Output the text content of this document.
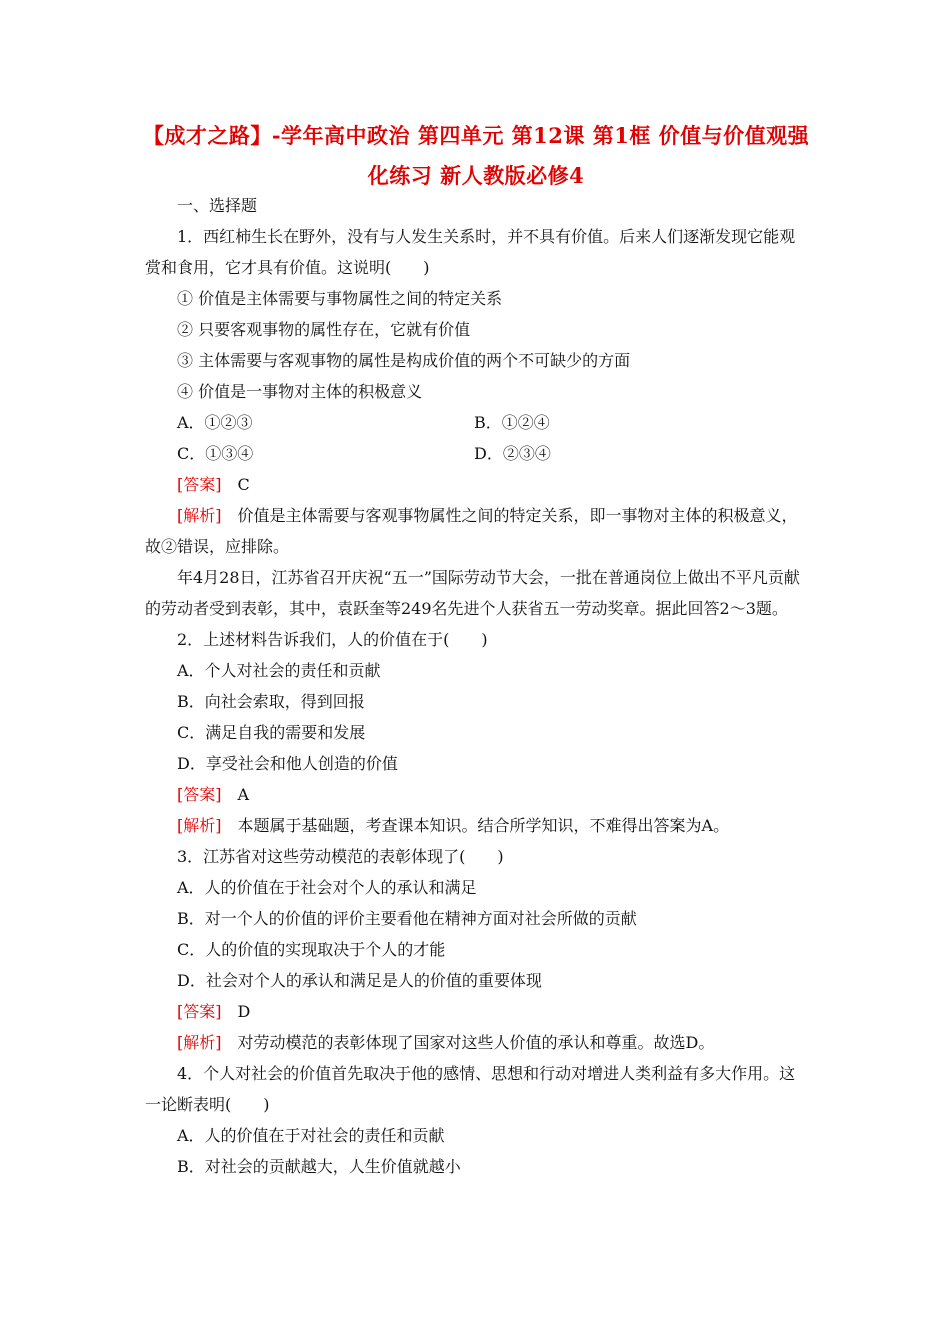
【成才之路】-学年高中政治 第四单元 第12课 第1框 价值与价值观强化练习 新人教版必修4

一、选择题

1．西红柿生长在野外，没有与人发生关系时，并不具有价值。后来人们逐渐发现它能观赏和食用，它才具有价值。这说明(　　)

① 价值是主体需要与事物属性之间的特定关系

② 只要客观事物的属性存在，它就有价值

③ 主体需要与客观事物的属性是构成价值的两个不可缺少的方面

④ 价值是一事物对主体的积极意义

A．①②③	B．①②④
C．①③④	D．②③④

[答案]　 C

[解析]　 价值是主体需要与客观事物属性之间的特定关系，即一事物对主体的积极意义，故②错误，应排除。

年4月28日，江苏省召开庆祝“五一”国际劳动节大会，一批在普通岗位上做出不平凡贡献的劳动者受到表彰，其中，袁跃奎等249名先进个人获省五一劳动奖章。据此回答2～3题。

2．上述材料告诉我们，人的价值在于(　　)

A．个人对社会的责任和贡献

B．向社会索取，得到回报

C．满足自我的需要和发展

D．享受社会和他人创造的价值

[答案]　 A

[解析]　 本题属于基础题，考查课本知识。结合所学知识，不难得出答案为A。

3．江苏省对这些劳动模范的表彰体现了(　　)

A．人的价值在于社会对个人的承认和满足

B．对一个人的价值的评价主要看他在精神方面对社会所做的贡献

C．人的价值的实现取决于个人的才能

D．社会对个人的承认和满足是人的价值的重要体现

[答案]　 D

[解析]　 对劳动模范的表彰体现了国家对这些人价值的承认和尊重。故选D。

4．个人对社会的价值首先取决于他的感情、思想和行动对增进人类利益有多大作用。这一论断表明(　　)

A．人的价值在于对社会的责任和贡献

B．对社会的贡献越大，人生价值就越小
